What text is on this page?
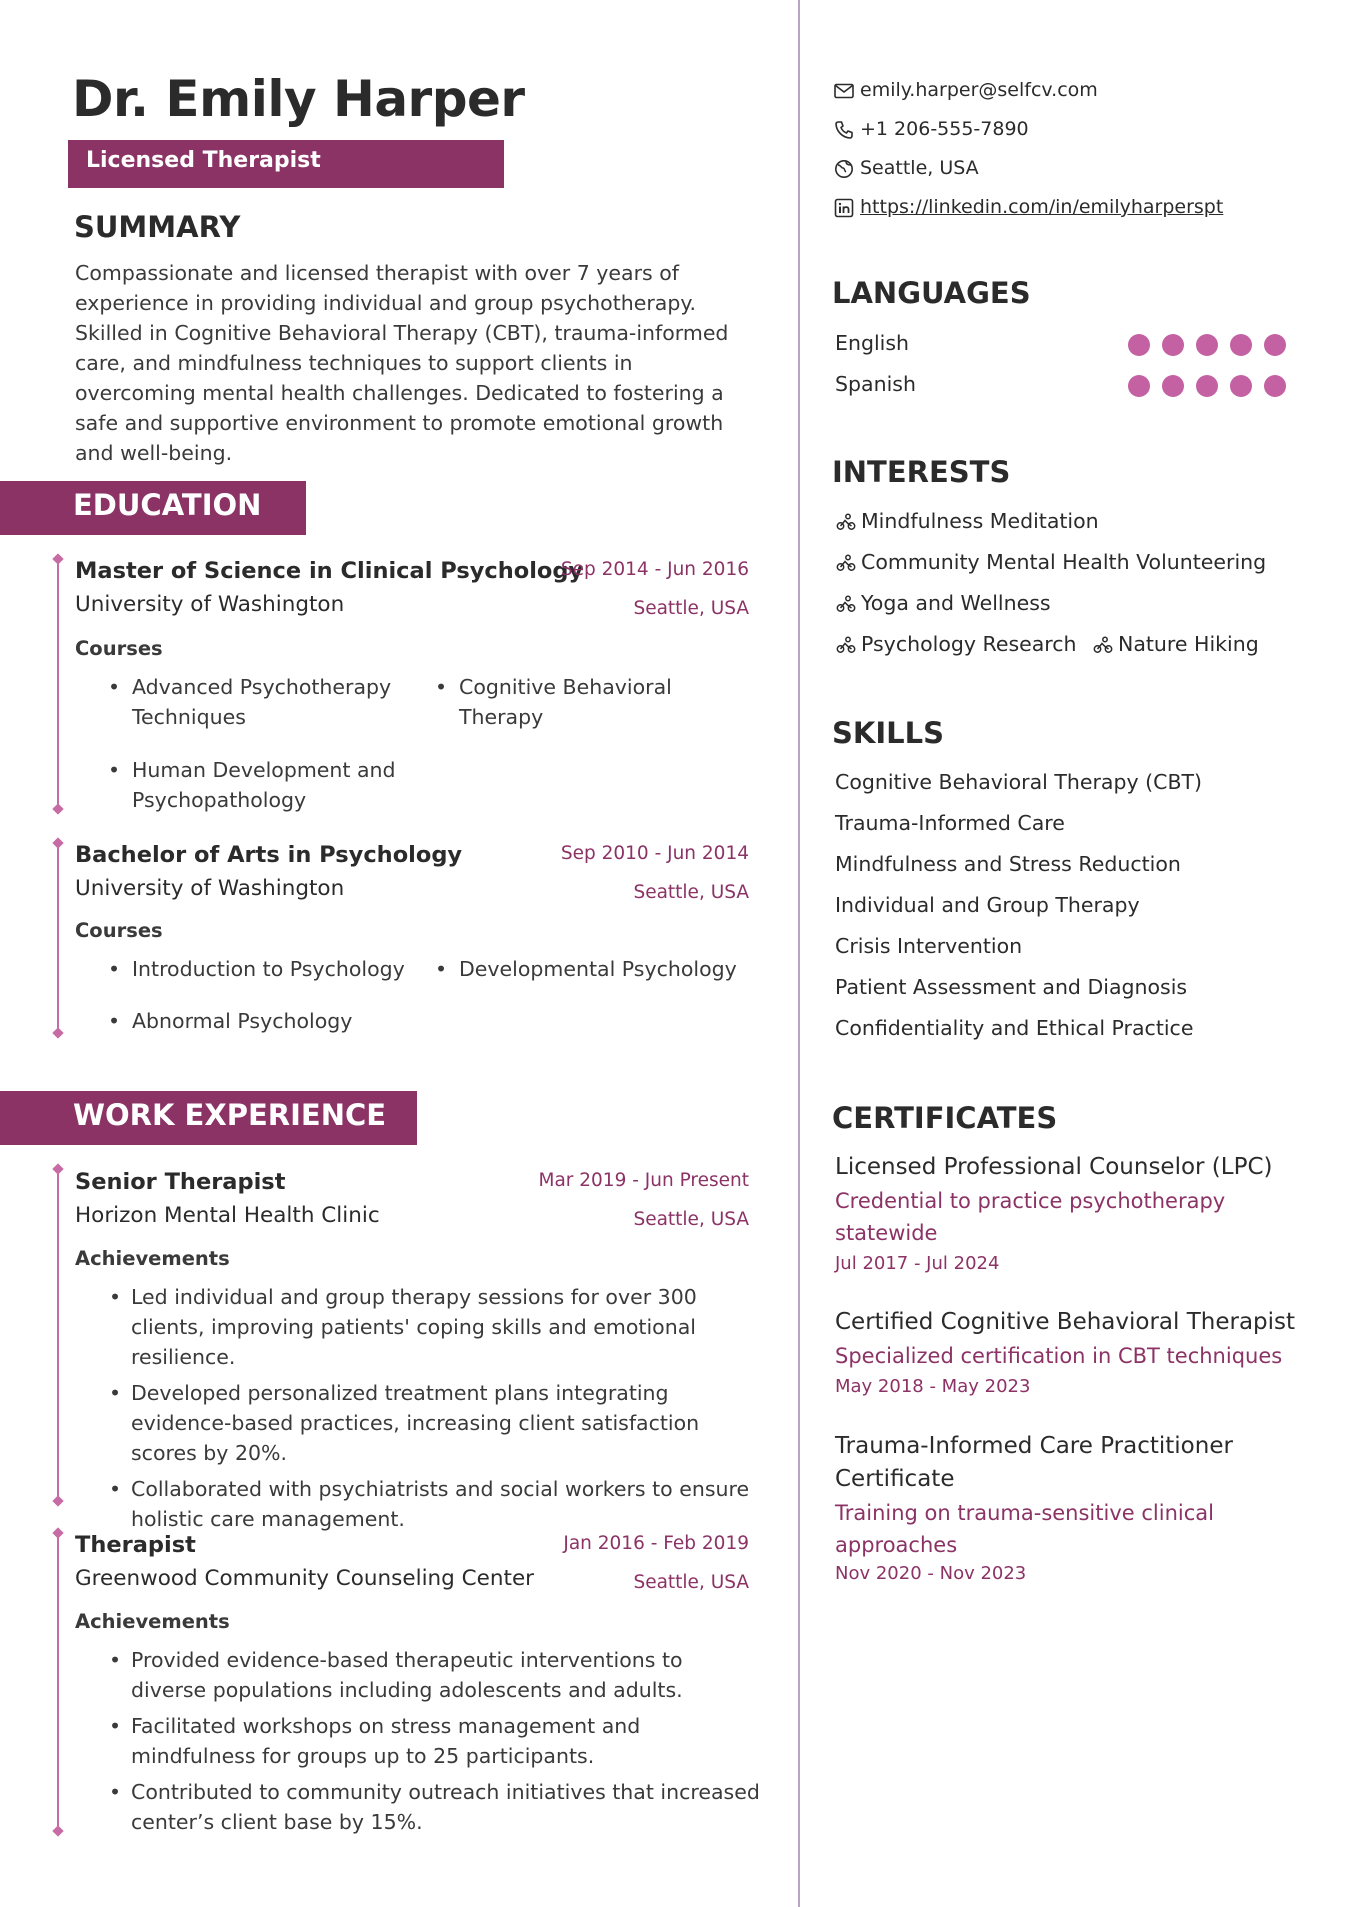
Dr. Emily Harper
Licensed Therapist
SUMMARY
Compassionate and licensed therapist with over 7 years of experience in providing individual and group psychotherapy. Skilled in Cognitive Behavioral Therapy (CBT), trauma-informed care, and mindfulness techniques to support clients in overcoming mental health challenges. Dedicated to fostering a safe and supportive environment to promote emotional growth and well-being.
EDUCATION
Master of Science in Clinical Psychology
Sep 2014 - Jun 2016
University of Washington	Seattle, USA
Courses
• Advanced Psychotherapy Techniques
• Cognitive Behavioral Therapy
• Human Development and Psychopathology
Bachelor of Arts in Psychology	Sep 2010 - Jun 2014
University of Washington	Seattle, USA
Courses
• Introduction to Psychology
•	Developmental Psychology
• Abnormal Psychology
WORK EXPERIENCE
Senior Therapist	Mar 2019 - Jun Present
Horizon Mental Health Clinic	Seattle, USA
Achievements
• Led individual and group therapy sessions for over 300 clients, improving patients' coping skills and emotional resilience.
• Developed personalized treatment plans integrating evidence-based practices, increasing client satisfaction scores by 20%.
• Collaborated with psychiatrists and social workers to ensure holistic care management.
Therapist	Jan 2016 - Feb 2019
Greenwood Community Counseling Center	Seattle, USA
Achievements
• Provided evidence-based therapeutic interventions to diverse populations including adolescents and adults.
• Facilitated workshops on stress management and mindfulness for groups up to 25 participants.
• Contributed to community outreach initiatives that increased center’s client base by 15%.
emily.harper@selfcv.com
+1 206-555-7890
Seattle, USA
https://linkedin.com/in/emilyharperspt
LANGUAGES
English
Spanish
INTERESTS
Mindfulness Meditation
Community Mental Health Volunteering
Yoga and Wellness
Psychology Research	Nature Hiking
SKILLS
Cognitive Behavioral Therapy (CBT)
Trauma-Informed Care
Mindfulness and Stress Reduction
Individual and Group Therapy
Crisis Intervention
Patient Assessment and Diagnosis
Confidentiality and Ethical Practice
CERTIFICATES
Licensed Professional Counselor (LPC)
Credential to practice psychotherapy statewide
Jul 2017 - Jul 2024
Certified Cognitive Behavioral Therapist
Specialized certification in CBT techniques
May 2018 - May 2023
Trauma-Informed Care Practitioner Certificate
Training on trauma-sensitive clinical approaches
Nov 2020 - Nov 2023
